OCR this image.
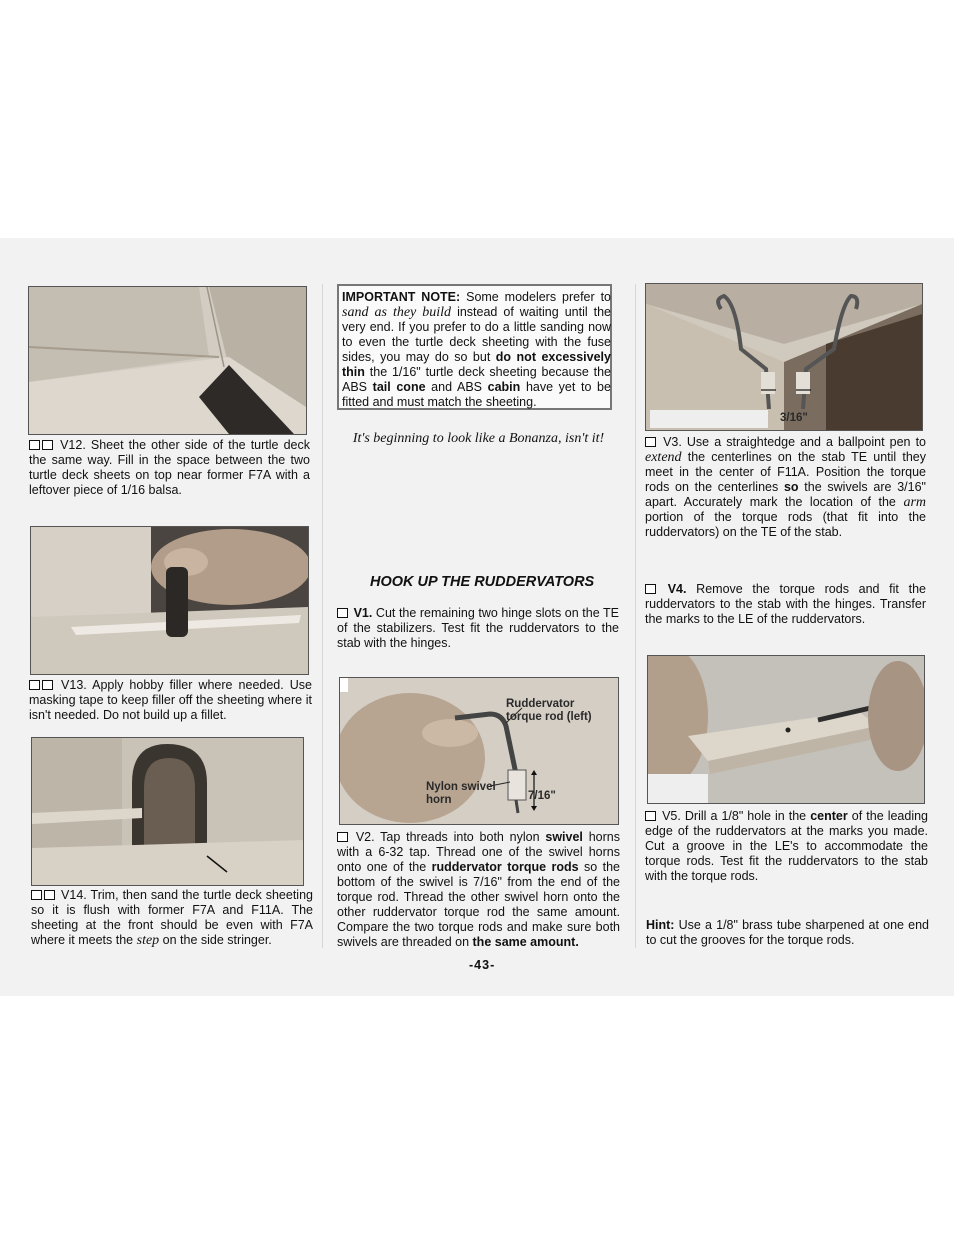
V12. Sheet the other side of the turtle deck the same way. Fill in the space between the two turtle deck sheets on top near former F7A with a leftover piece of 1/16 balsa.
V13. Apply hobby filler where needed. Use masking tape to keep filler off the sheeting where it isn't needed. Do not build up a fillet.
V14. Trim, then sand the turtle deck sheeting so it is flush with former F7A and F11A. The sheeting at the front should be even with F7A where it meets the step on the side stringer.
IMPORTANT NOTE: Some modelers prefer to sand as they build instead of waiting until the very end. If you prefer to do a little sanding now to even the turtle deck sheeting with the fuse sides, you may do so but do not excessively thin the 1/16" turtle deck sheeting because the ABS tail cone and ABS cabin have yet to be fitted and must match the sheeting.
It's beginning to look like a Bonanza, isn't it!
HOOK UP THE RUDDERVATORS
V1. Cut the remaining two hinge slots on the TE of the stabilizers. Test fit the ruddervators to the stab with the hinges.
Ruddervator
torque rod (left)
Nylon swivel
horn	7/16"
V2. Tap threads into both nylon swivel horns with a 6-32 tap. Thread one of the swivel horns onto one of the ruddervator torque rods so the bottom of the swivel is 7/16" from the end of the torque rod. Thread the other swivel horn onto the other ruddervator torque rod the same amount. Compare the two torque rods and make sure both swivels are threaded on the same amount.
-43-
3/16"
V3. Use a straightedge and a ballpoint pen to extend the centerlines on the stab TE until they meet in the center of F11A. Position the torque rods on the centerlines so the swivels are 3/16" apart. Accurately mark the location of the arm portion of the torque rods (that fit into the ruddervators) on the TE of the stab.
V4. Remove the torque rods and fit the ruddervators to the stab with the hinges. Transfer the marks to the LE of the ruddervators.
V5. Drill a 1/8" hole in the center of the leading edge of the ruddervators at the marks you made. Cut a groove in the LE's to accommodate the torque rods. Test fit the ruddervators to the stab with the torque rods.
Hint: Use a 1/8" brass tube sharpened at one end to cut the grooves for the torque rods.
